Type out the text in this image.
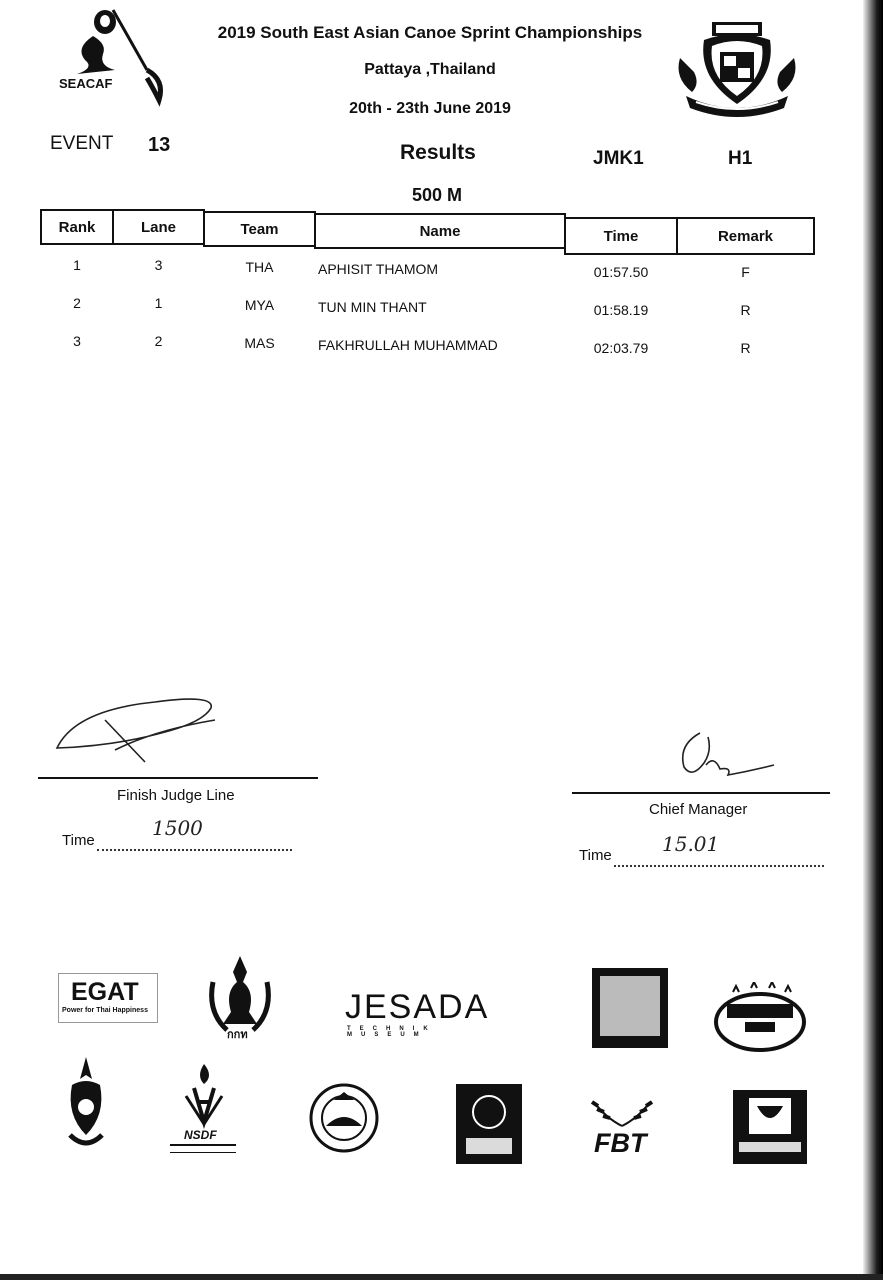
SEACAF
2019 South East Asian Canoe Sprint Championships
Pattaya ,Thailand
20th - 23th June 2019
EVENT 13	Results	JMK1	H1
500 M
Rank	Lane	Team	Name	Time	Remark
1	3	THA	APHISIT THAMOM	01:57.50	F
2	1	MYA	TUN MIN THANT	01:58.19	R
3	2	MAS	FAKHRULLAH MUHAMMAD	02:03.79	R
Finish Judge Line
Time
1500
Chief Manager
Time	15.01
EGAT
Power for Thai Happiness
กกท
JESADA
TECHNIK MUSEUM
NSDF	FBT
